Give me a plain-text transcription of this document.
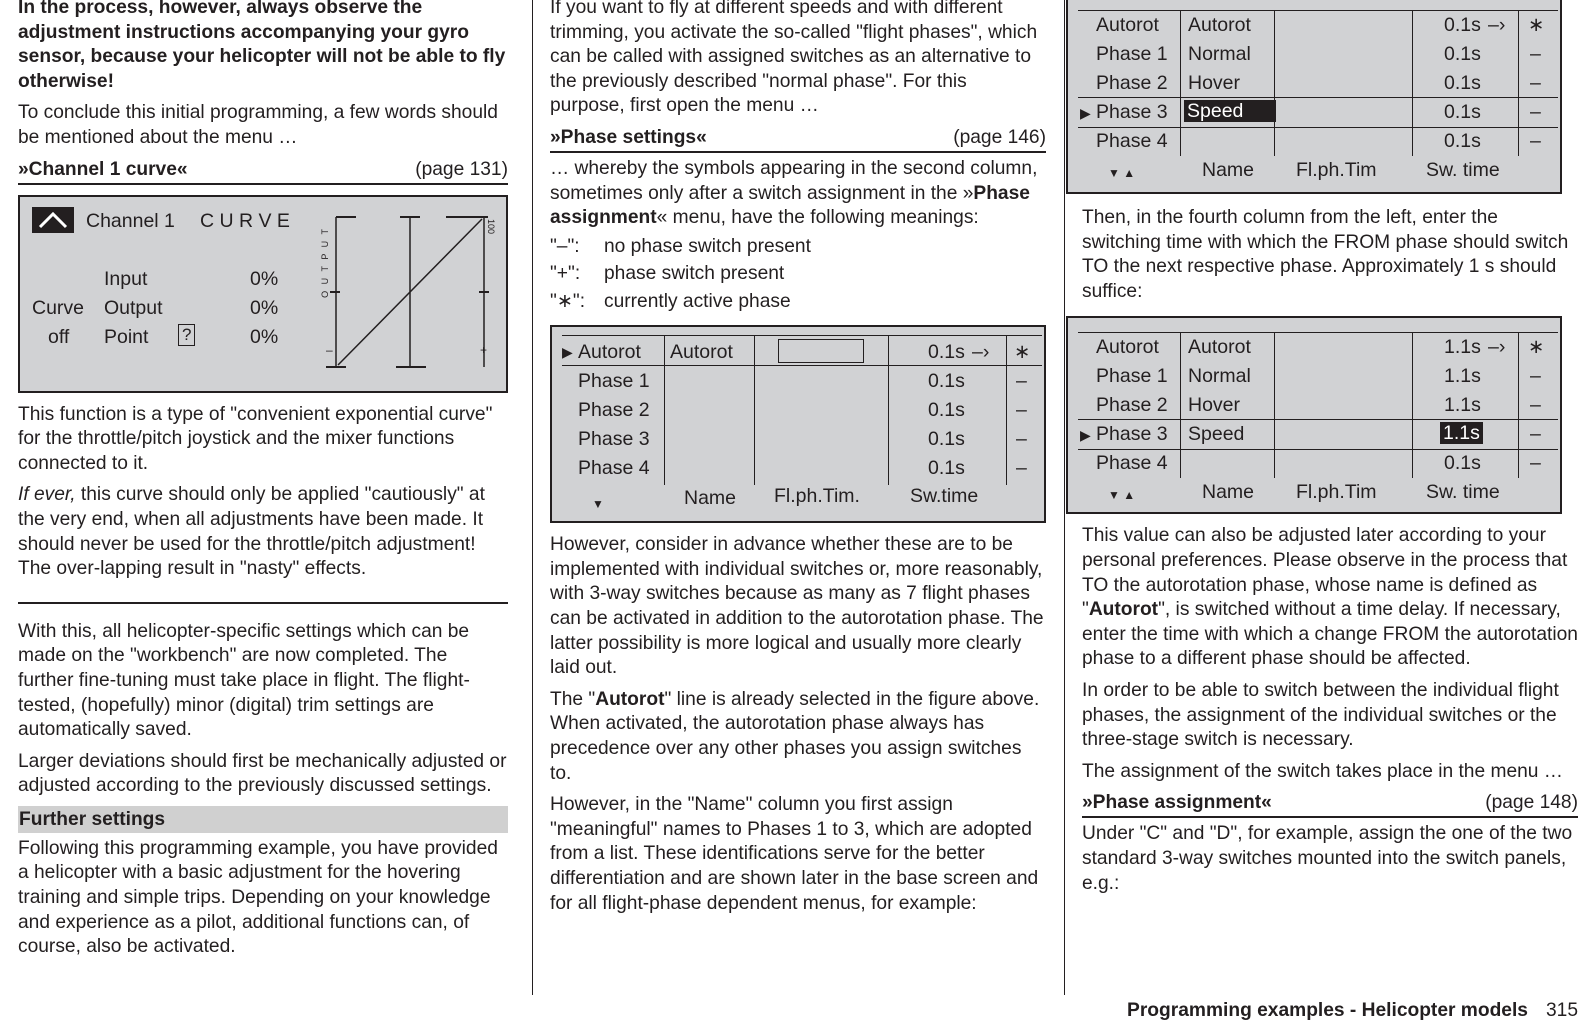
In the process, however, always observe the adjustment instructions accompanying your gyro sensor, because your helicopter will not be able to fly otherwise!

To conclude this initial programming, a few words should be mentioned about the menu …

»Channel 1 curve«	(page 131)
Channel 1 C U R V E
Input	0%
Curve Output	0%
off Point ?	0%
O U T P U T
100
–	+

This function is a type of "convenient exponential curve" for the throttle/pitch joystick and the mixer functions connected to it.

If ever, this curve should only be applied "cautiously" at the very end, when all adjustments have been made. It should never be used for the throttle/pitch adjustment! The over-lapping result in "nasty" effects.

With this, all helicopter-specific settings which can be made on the "workbench" are now completed. The further fine-tuning must take place in flight. The flight-tested, (hopefully) minor (digital) trim settings are automatically saved.

Larger deviations should first be mechanically adjusted or adjusted according to the previously discussed settings.

Further settings

Following this programming example, you have provided a helicopter with a basic adjustment for the hovering training and simple trips. Depending on your knowledge and experience as a pilot, additional functions can, of course, also be activated.

If you want to fly at different speeds and with different trimming, you activate the so-called "flight phases", which can be called with assigned switches as an alternative to the previously described "normal phase". For this purpose, first open the menu …

»Phase settings«	(page 146)

… whereby the symbols appearing in the second column, sometimes only after a switch assignment in the »Phase assignment« menu, have the following meanings:

"–": no phase switch present
"+": phase switch present
"∗": currently active phase
▶ Autorot Autorot	0.1s –› ∗
Phase 1	0.1s	–
Phase 2	0.1s	–
Phase 3	0.1s	–
Phase 4	0.1s	–
▼	Name Fl.ph.Tim.	Sw.time

However, consider in advance whether these are to be implemented with individual switches or, more reasonably, with 3-way switches because as many as 7 flight phases can be activated in addition to the autorotation phase. The latter possibility is more logical and usually more clearly laid out.

The "Autorot" line is already selected in the figure above. When activated, the autorotation phase always has precedence over any other phases you assign switches to.

However, in the "Name" column you first assign "meaningful" names to Phases 1 to 3, which are adopted from a list. These identifications serve for the better differentiation and are shown later in the base screen and for all flight-phase dependent menus, for example:

Autorot Autorot	0.1s –› ∗
Phase 1 Normal	0.1s	–
Phase 2 Hover	0.1s	–
▶ Phase 3 Speed	0.1s	–
Phase 4	0.1s	–
▼ ▲	Name Fl.ph.Tim	Sw. time

Then, in the fourth column from the left, enter the switching time with which the FROM phase should switch TO the next respective phase. Approximately 1 s should suffice:

Autorot Autorot	1.1s –› ∗
Phase 1 Normal	1.1s	–
Phase 2 Hover	1.1s	–
▶ Phase 3 Speed	1.1s	–
Phase 4	0.1s	–
▼ ▲	Name Fl.ph.Tim	Sw. time

This value can also be adjusted later according to your personal preferences. Please observe in the process that TO the autorotation phase, whose name is defined as "Autorot", is switched without a time delay. If necessary, enter the time with which a change FROM the autorotation phase to a different phase should be affected.

In order to be able to switch between the individual flight phases, the assignment of the individual switches or the three-stage switch is necessary.

The assignment of the switch takes place in the menu …

»Phase assignment«	(page 148)

Under "C" and "D", for example, assign the one of the two standard 3-way switches mounted into the switch panels, e.g.:

Programming examples - Helicopter models 315
